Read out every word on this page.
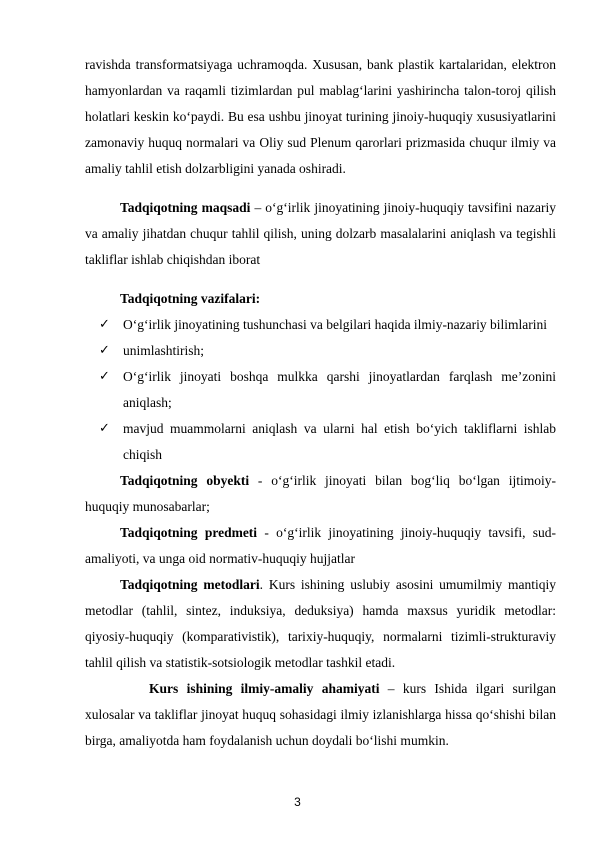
ravishda transformatsiyaga uchramoqda. Xususan, bank plastik kartalaridan, elektron hamyonlardan va raqamli tizimlardan pul mablag‘larini yashirincha talon-toroj qilish holatlari keskin ko‘paydi. Bu esa ushbu jinoyat turining jinoiy-huquqiy xususiyatlarini zamonaviy huquq normalari va Oliy sud Plenum qarorlari prizmasida chuqur ilmiy va amaliy tahlil etish dolzarbligini yanada oshiradi.

Tadqiqotning maqsadi – o‘g‘irlik jinoyatining jinoiy-huquqiy tavsifini nazariy va amaliy jihatdan chuqur tahlil qilish, uning dolzarb masalalarini aniqlash va tegishli takliflar ishlab chiqishdan iborat

Tadqiqotning vazifalari:

✓ O‘g‘irlik jinoyatining tushunchasi va belgilari haqida ilmiy-nazariy bilimlarini
✓ unimlashtirish;
✓ O‘g‘irlik jinoyati boshqa mulkka qarshi jinoyatlardan farqlash me’zonini aniqlash;
✓ mavjud muammolarni aniqlash va ularni hal etish bo‘yich takliflarni ishlab chiqish

Tadqiqotning obyekti - o‘g‘irlik jinoyati bilan bog‘liq bo‘lgan ijtimoiy-huquqiy munosabarlar;

Tadqiqotning predmeti - o‘g‘irlik jinoyatining jinoiy-huquqiy tavsifi, sud-amaliyoti, va unga oid normativ-huquqiy hujjatlar

Tadqiqotning metodlari. Kurs ishining uslubiy asosini umumilmiy mantiqiy metodlar (tahlil, sintez, induksiya, deduksiya) hamda maxsus yuridik metodlar: qiyosiy-huquqiy (komparativistik), tarixiy-huquqiy, normalarni tizimli-strukturaviy tahlil qilish va statistik-sotsiologik metodlar tashkil etadi.

Kurs ishining ilmiy-amaliy ahamiyati – kurs Ishida ilgari surilgan xulosalar va takliflar jinoyat huquq sohasidagi ilmiy izlanishlarga hissa qo‘shishi bilan birga, amaliyotda ham foydalanish uchun doydali bo‘lishi mumkin.

3
